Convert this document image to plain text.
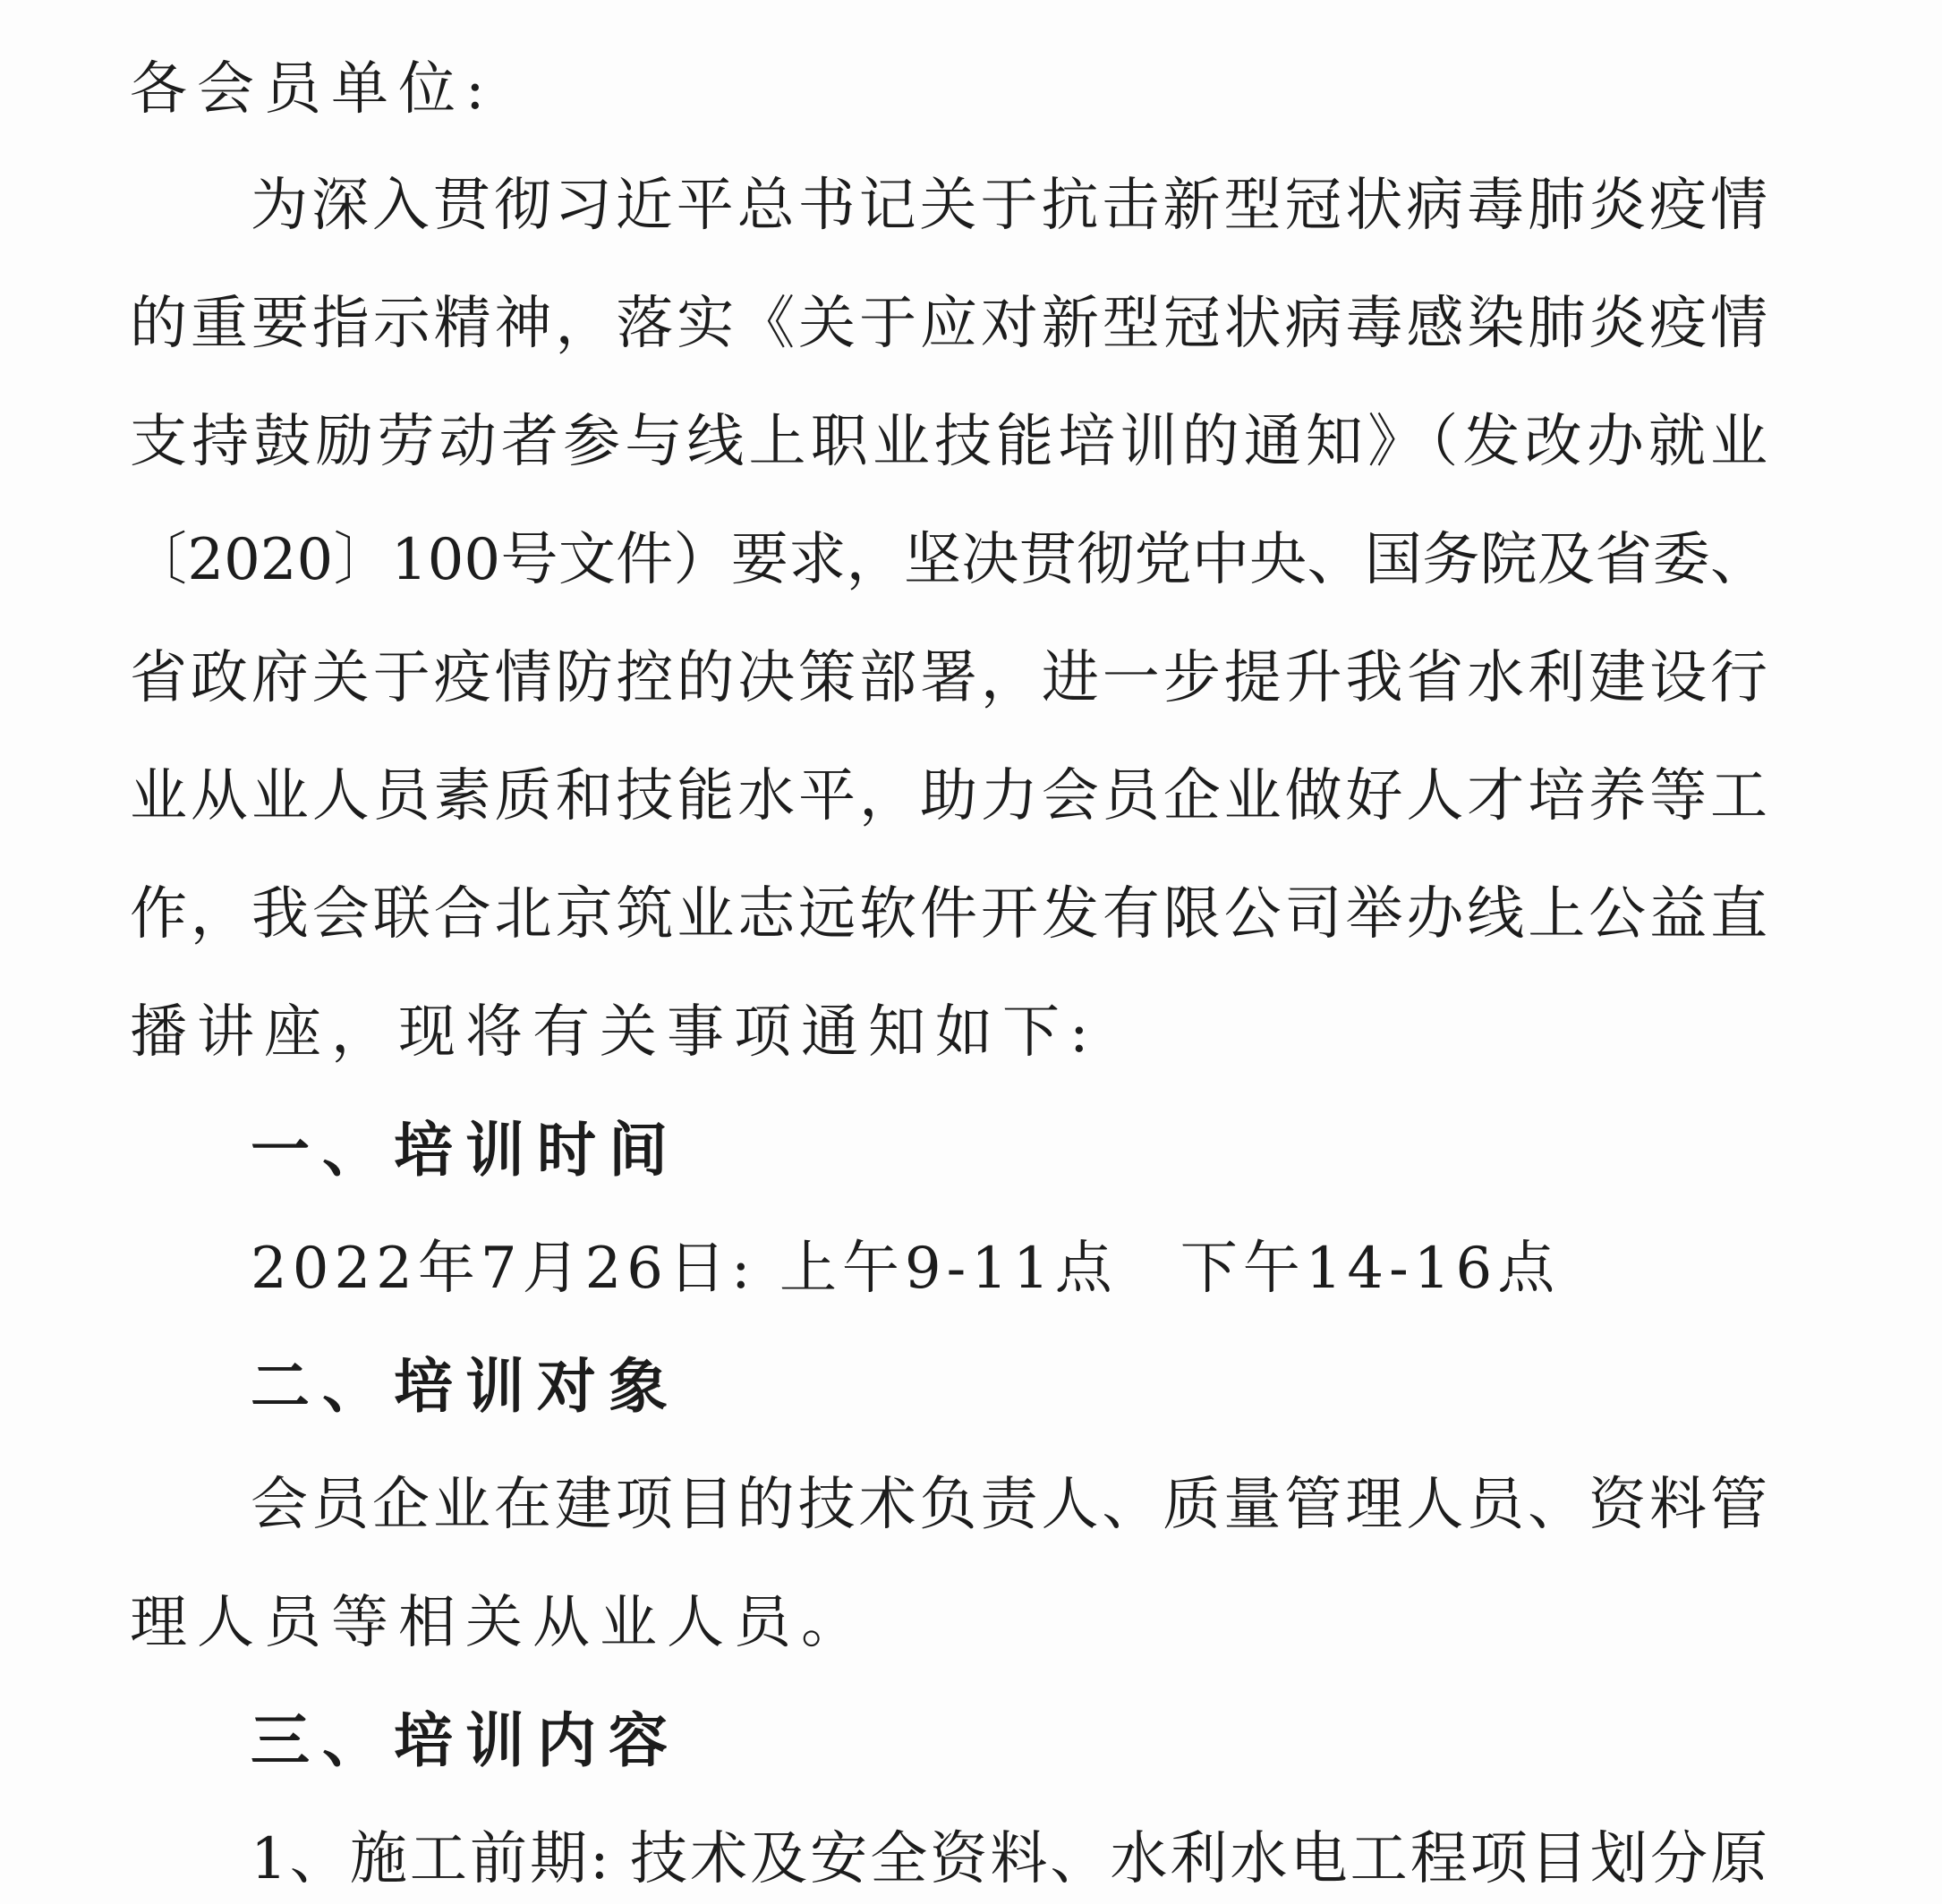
各会员单位:
为深入贯彻习近平总书记关于抗击新型冠状病毒肺炎疫情
的重要指示精神，落实《关于应对新型冠状病毒感染肺炎疫情
支持鼓励劳动者参与线上职业技能培训的通知》（发改办就业
〔2020〕100号文件）要求，坚决贯彻党中央、国务院及省委、
省政府关于疫情防控的决策部署，进一步提升我省水利建设行
业从业人员素质和技能水平，助力会员企业做好人才培养等工
作，我会联合北京筑业志远软件开发有限公司举办线上公益直
播讲座，现将有关事项通知如下:
一、培训时间
2022年7月26日: 上午9-11点 下午14-16点
二、培训对象
会员企业在建项目的技术负责人、质量管理人员、资料管
理人员等相关从业人员。
三、培训内容
1、施工前期: 技术及安全资料、水利水电工程项目划分原
